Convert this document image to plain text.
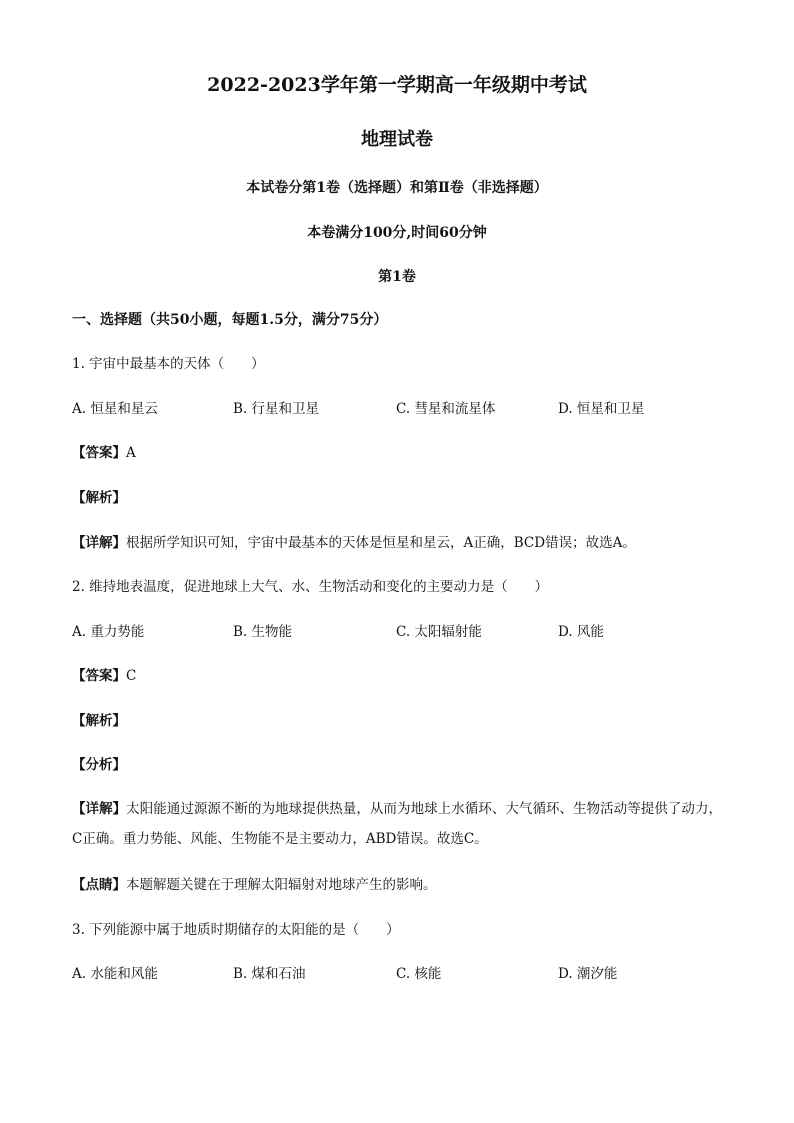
2022-2023学年第一学期高一年级期中考试
地理试卷
本试卷分第1卷（选择题）和第Ⅱ卷（非选择题）
本卷满分100分,时间60分钟
第1卷
一、选择题（共50小题，每题1.5分，满分75分）
1. 宇宙中最基本的天体（　　）
A. 恒星和星云	B. 行星和卫星	C. 彗星和流星体	D. 恒星和卫星
【答案】A
【解析】
【详解】根据所学知识可知，宇宙中最基本的天体是恒星和星云，A正确，BCD错误；故选A。
2. 维持地表温度，促进地球上大气、水、生物活动和变化的主要动力是（　　）
A. 重力势能	B. 生物能	C. 太阳辐射能	D. 风能
【答案】C
【解析】
【分析】
【详解】太阳能通过源源不断的为地球提供热量，从而为地球上水循环、大气循环、生物活动等提供了动力，C正确。重力势能、风能、生物能不是主要动力，ABD错误。故选C。
【点睛】本题解题关键在于理解太阳辐射对地球产生的影响。
3. 下列能源中属于地质时期储存的太阳能的是（　　）
A. 水能和风能	B. 煤和石油	C. 核能	D. 潮汐能
